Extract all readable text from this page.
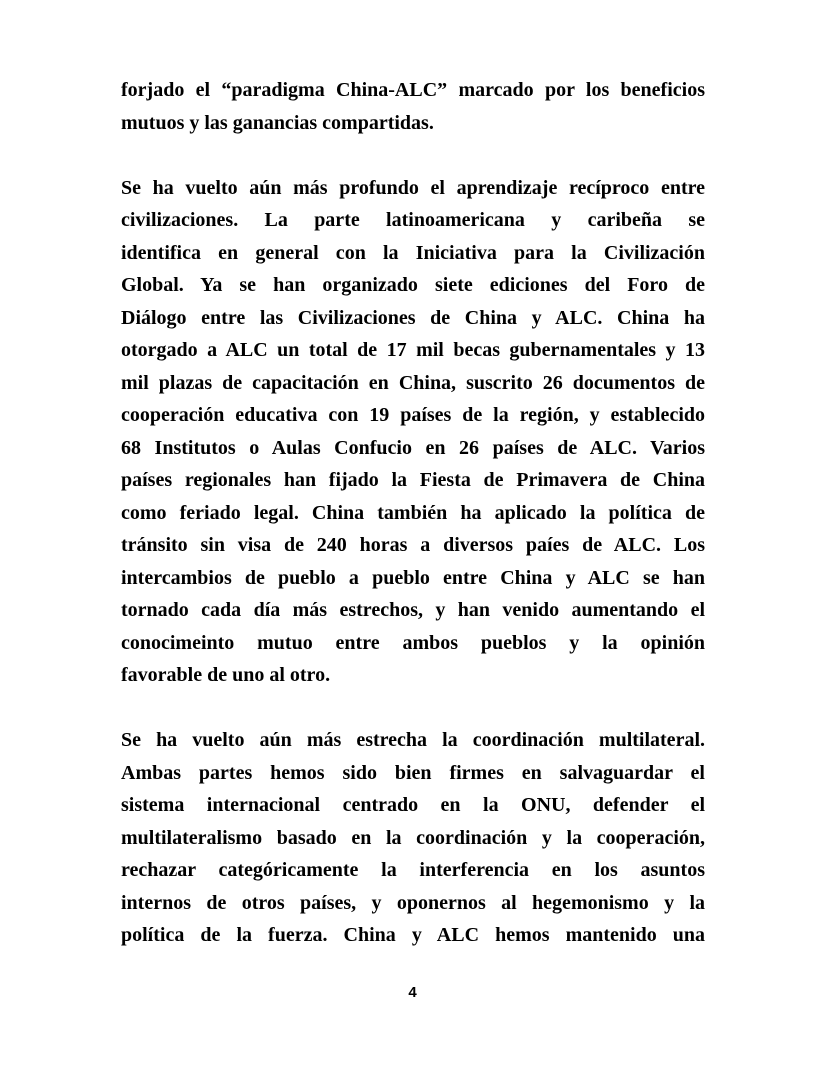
forjado el “paradigma China-ALC” marcado por los beneficios
mutuos y las ganancias compartidas.
Se ha vuelto aún más profundo el aprendizaje recíproco entre
civilizaciones. La parte latinoamericana y caribeña se
identifica en general con la Iniciativa para la Civilización
Global. Ya se han organizado siete ediciones del Foro de
Diálogo entre las Civilizaciones de China y ALC. China ha
otorgado a ALC un total de 17 mil becas gubernamentales y 13
mil plazas de capacitación en China, suscrito 26 documentos de
cooperación educativa con 19 países de la región, y establecido
68 Institutos o Aulas Confucio en 26 países de ALC. Varios
países regionales han fijado la Fiesta de Primavera de China
como feriado legal. China también ha aplicado la política de
tránsito sin visa de 240 horas a diversos paíes de ALC. Los
intercambios de pueblo a pueblo entre China y ALC se han
tornado cada día más estrechos, y han venido aumentando el
conocimeinto mutuo entre ambos pueblos y la opinión
favorable de uno al otro.
Se ha vuelto aún más estrecha la coordinación multilateral.
Ambas partes hemos sido bien firmes en salvaguardar el
sistema internacional centrado en la ONU, defender el
multilateralismo basado en la coordinación y la cooperación,
rechazar categóricamente la interferencia en los asuntos
internos de otros países, y oponernos al hegemonismo y la
política de la fuerza. China y ALC hemos mantenido una
4
